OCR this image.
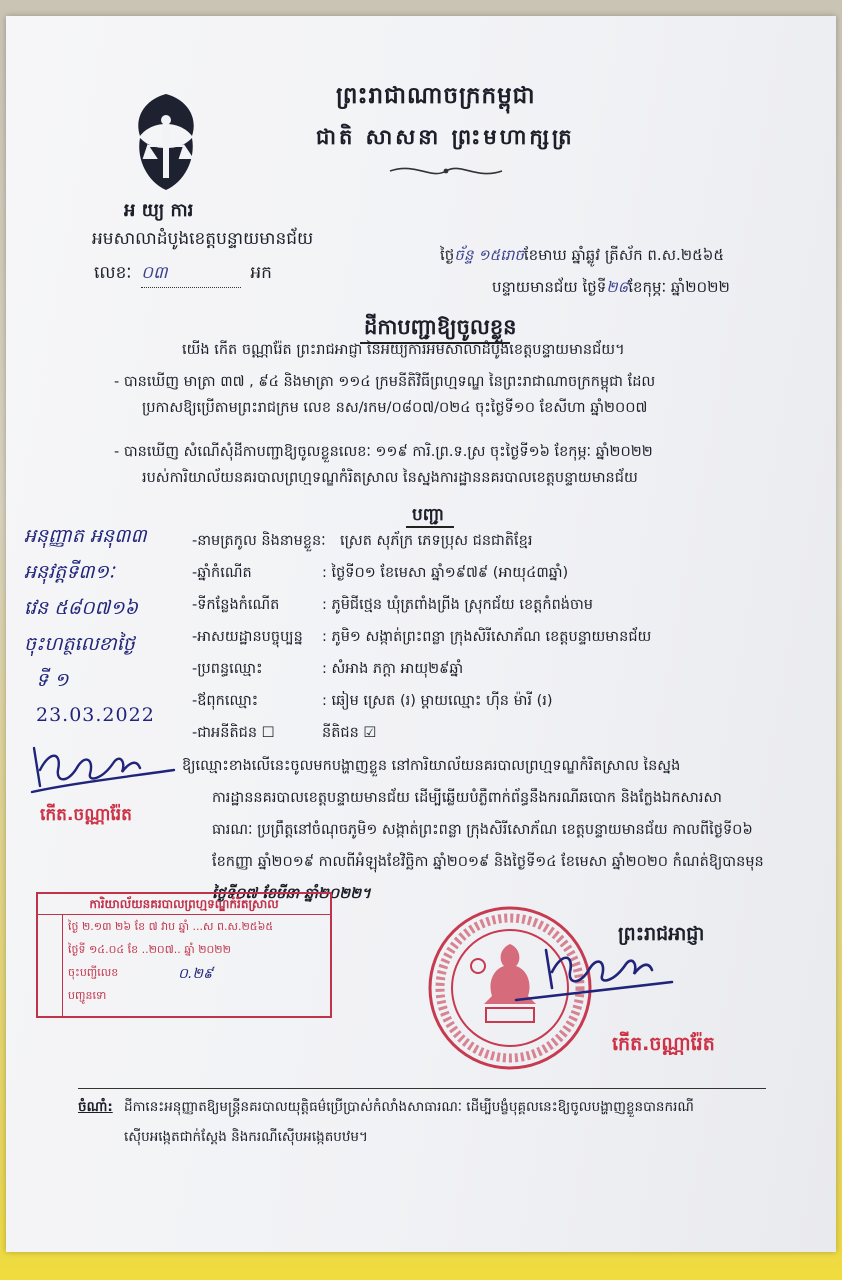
ព្រះរាជាណាចក្រកម្ពុជា
ជាតិ សាសនា ព្រះមហាក្សត្រ
អ យ្យ ការ
អមសាលាដំបូងខេត្តបន្ទាយមានជ័យ
លេខៈ ០៣	អក
ថ្ងៃច័ន្ទ ១៥រោចខែមាឃ ឆ្នាំឆ្លូវ ត្រីស័ក ព.ស.២៥៦៥
បន្ទាយមានជ័យ ថ្ងៃទី២៨ខែកុម្ភៈ ឆ្នាំ២០២២
ដីកាបញ្ជាឱ្យចូលខ្លួន
យើង កើត ចណ្ណារ៉ែត ព្រះរាជអាជ្ញា នៃអយ្យការអមសាលាដំបូងខេត្តបន្ទាយមានជ័យ។
- បានឃើញ មាត្រា ៣៧ , ៩៤ និងមាត្រា ១១៤ ក្រមនីតិវិធីព្រហ្មទណ្ឌ នៃព្រះរាជាណាចក្រកម្ពុជា ដែល
ប្រកាសឱ្យប្រើតាមព្រះរាជក្រម លេខ នស/រកម/០៨០៧/០២៤ ចុះថ្ងៃទី១០ ខែសីហា ឆ្នាំ២០០៧
- បានឃើញ សំណើសុំដីកាបញ្ជាឱ្យចូលខ្លួនលេខៈ ១១៩ ការិ.ព្រ.ទ.ស្រ ចុះថ្ងៃទី១៦ ខែកុម្ភៈ ឆ្នាំ២០២២
របស់ការិយាល័យនគរបាលព្រហ្មទណ្ឌកំរិតស្រាល នៃស្នងការដ្ឋាននគរបាលខេត្តបន្ទាយមានជ័យ
បញ្ជា
-នាមត្រកូល និងនាមខ្លួនៈ ស្រេត សុភ័ក្រ ភេទប្រុស ជនជាតិខ្មែរ
-ឆ្នាំកំណើត	: ថ្ងៃទី០១ ខែមេសា ឆ្នាំ១៩៧៩ (អាយុ៤៣ឆ្នាំ)
-ទីកន្លែងកំណើត	: ភូមិជីថ្មេន ឃុំត្រពាំងព្រីង ស្រុកជ័យ ខេត្តកំពង់ចាម
-អាសយដ្ឋានបច្ចុប្បន្ន : ភូមិ១ សង្កាត់ព្រះពន្លា ក្រុងសិរីសោភ័ណ ខេត្តបន្ទាយមានជ័យ
-ប្រពន្ធឈ្មោះ	: សំអាង ភក្តា អាយុ២៩ឆ្នាំ
-ឪពុកឈ្មោះ	: ឆៀម ស្រេត (រ) ម្តាយឈ្មោះ ហ៊ីន ម៉ារី (រ)
-ជាអនីតិជន ☐	នីតិជន ☑
អនុញ្ញាត អនុ៣៣
អនុវត្តទី៣១ៈ
វេន ៥៨០៧១៦
ចុះហត្ថលេខាថ្ងៃ
ទី ១
23.03.2022
កើត.ចណ្ណារ៉ែត
ឱ្យឈ្មោះខាងលើនេះចូលមកបង្ហាញខ្លួន នៅការិយាល័យនគរបាលព្រហ្មទណ្ឌកំរិតស្រាល នៃស្នង
ការដ្ឋាននគរបាលខេត្តបន្ទាយមានជ័យ ដើម្បីឆ្លើយបំភ្លឺពាក់ព័ន្ធនឹងករណីឆបោក និងក្លែងឯកសារសា
ធារណៈ ប្រព្រឹត្តនៅចំណុចភូមិ១ សង្កាត់ព្រះពន្លា ក្រុងសិរីសោភ័ណ ខេត្តបន្ទាយមានជ័យ កាលពីថ្ងៃទី០៦
ខែកញ្ញា ឆ្នាំ២០១៩ កាលពីអំឡុងខែវិច្ឆិកា ឆ្នាំ២០១៩ និងថ្ងៃទី១៤ ខែមេសា ឆ្នាំ២០២០ កំណត់ឱ្យបានមុន
ថ្ងៃទី០៧ ខែមីនា ឆ្នាំ២០២២។
ការិយាល័យនគរបាលព្រហ្មទណ្ឌកំរិតស្រាល
ថ្ងៃ ២.១៣ ២៦ ខែ ៧ វាប ឆ្នាំ ...ស ព.ស.២៥៦៥
ថ្ងៃទី ១៤.០៤ ខែ ..២០៧.. ឆ្នាំ ២០២២
ចុះបញ្ជីលេខ	០.២៩
បញ្ជូនទោ
ព្រះរាជអាជ្ញា
កើត.ចណ្ណារ៉ែត
ចំណាំ: ដីកានេះអនុញ្ញាតឱ្យមន្ត្រីនគរបាលយុត្តិធម៌ប្រើប្រាស់កំលាំងសាធារណៈ ដើម្បីបង្ខំបុគ្គលនេះឱ្យចូលបង្ហាញខ្លួនបានករណី
ស៊ើបអង្កេតជាក់ស្តែង និងករណីស៊ើបអង្កេតបឋម។
